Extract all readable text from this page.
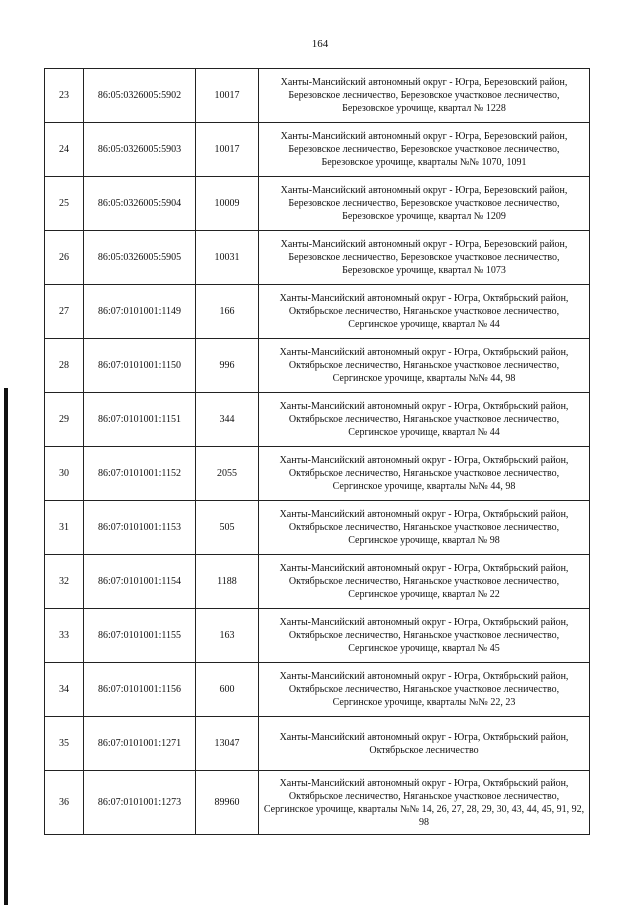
164
23	86:05:0326005:5902	10017	Ханты-Мансийский автономный округ - Югра, Березовский район, Березовское лесничество, Березовское участковое лесничество, Березовское урочище, квартал № 1228
24	86:05:0326005:5903	10017	Ханты-Мансийский автономный округ - Югра, Березовский район, Березовское лесничество, Березовское участковое лесничество, Березовское урочище, кварталы №№ 1070, 1091
25	86:05:0326005:5904	10009	Ханты-Мансийский автономный округ - Югра, Березовский район, Березовское лесничество, Березовское участковое лесничество, Березовское урочище, квартал № 1209
26	86:05:0326005:5905	10031	Ханты-Мансийский автономный округ - Югра, Березовский район, Березовское лесничество, Березовское участковое лесничество, Березовское урочище, квартал № 1073
27	86:07:0101001:1149	166	Ханты-Мансийский автономный округ - Югра, Октябрьский район, Октябрьское лесничество, Няганьское участковое лесничество, Сергинское урочище, квартал № 44
28	86:07:0101001:1150	996	Ханты-Мансийский автономный округ - Югра, Октябрьский район, Октябрьское лесничество, Няганьское участковое лесничество, Сергинское урочище, кварталы №№ 44, 98
29	86:07:0101001:1151	344	Ханты-Мансийский автономный округ - Югра, Октябрьский район, Октябрьское лесничество, Няганьское участковое лесничество, Сергинское урочище, квартал № 44
30	86:07:0101001:1152	2055	Ханты-Мансийский автономный округ - Югра, Октябрьский район, Октябрьское лесничество, Няганьское участковое лесничество, Сергинское урочище, кварталы №№ 44, 98
31	86:07:0101001:1153	505	Ханты-Мансийский автономный округ - Югра, Октябрьский район, Октябрьское лесничество, Няганьское участковое лесничество, Сергинское урочище, квартал № 98
32	86:07:0101001:1154	1188	Ханты-Мансийский автономный округ - Югра, Октябрьский район, Октябрьское лесничество, Няганьское участковое лесничество, Сергинское урочище, квартал № 22
33	86:07:0101001:1155	163	Ханты-Мансийский автономный округ - Югра, Октябрьский район, Октябрьское лесничество, Няганьское участковое лесничество, Сергинское урочище, квартал № 45
34	86:07:0101001:1156	600	Ханты-Мансийский автономный округ - Югра, Октябрьский район, Октябрьское лесничество, Няганьское участковое лесничество, Сергинское урочище, кварталы №№ 22, 23
35	86:07:0101001:1271	13047	Ханты-Мансийский автономный округ - Югра, Октябрьский район, Октябрьское лесничество
36	86:07:0101001:1273	89960	Ханты-Мансийский автономный округ - Югра, Октябрьский район, Октябрьское лесничество, Няганьское участковое лесничество, Сергинское урочище, кварталы №№ 14, 26, 27, 28, 29, 30, 43, 44, 45, 91, 92, 98
